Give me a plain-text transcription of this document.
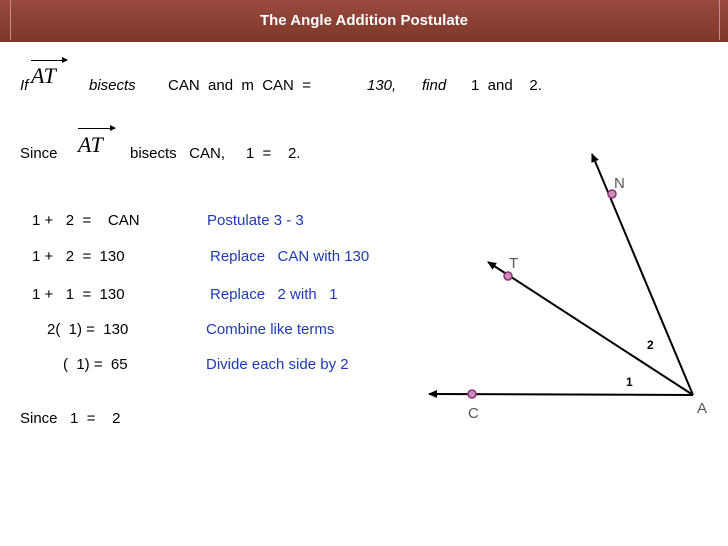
The Angle Addition Postulate
If AT bisects CAN  and  m  CAN  =	130, find 1  and    2.
Since AT bisects   CAN,     1  =    2.
1 +   2  =    CAN	Postulate 3 - 3
1 +   2  =  130	Replace   CAN with 130
1 +   1  =  130	Replace   2 with   1
2(  1) =  130	Combine like terms
(  1) =  65	Divide each side by 2
Since   1  =    2
N
T
C	A
1
2
